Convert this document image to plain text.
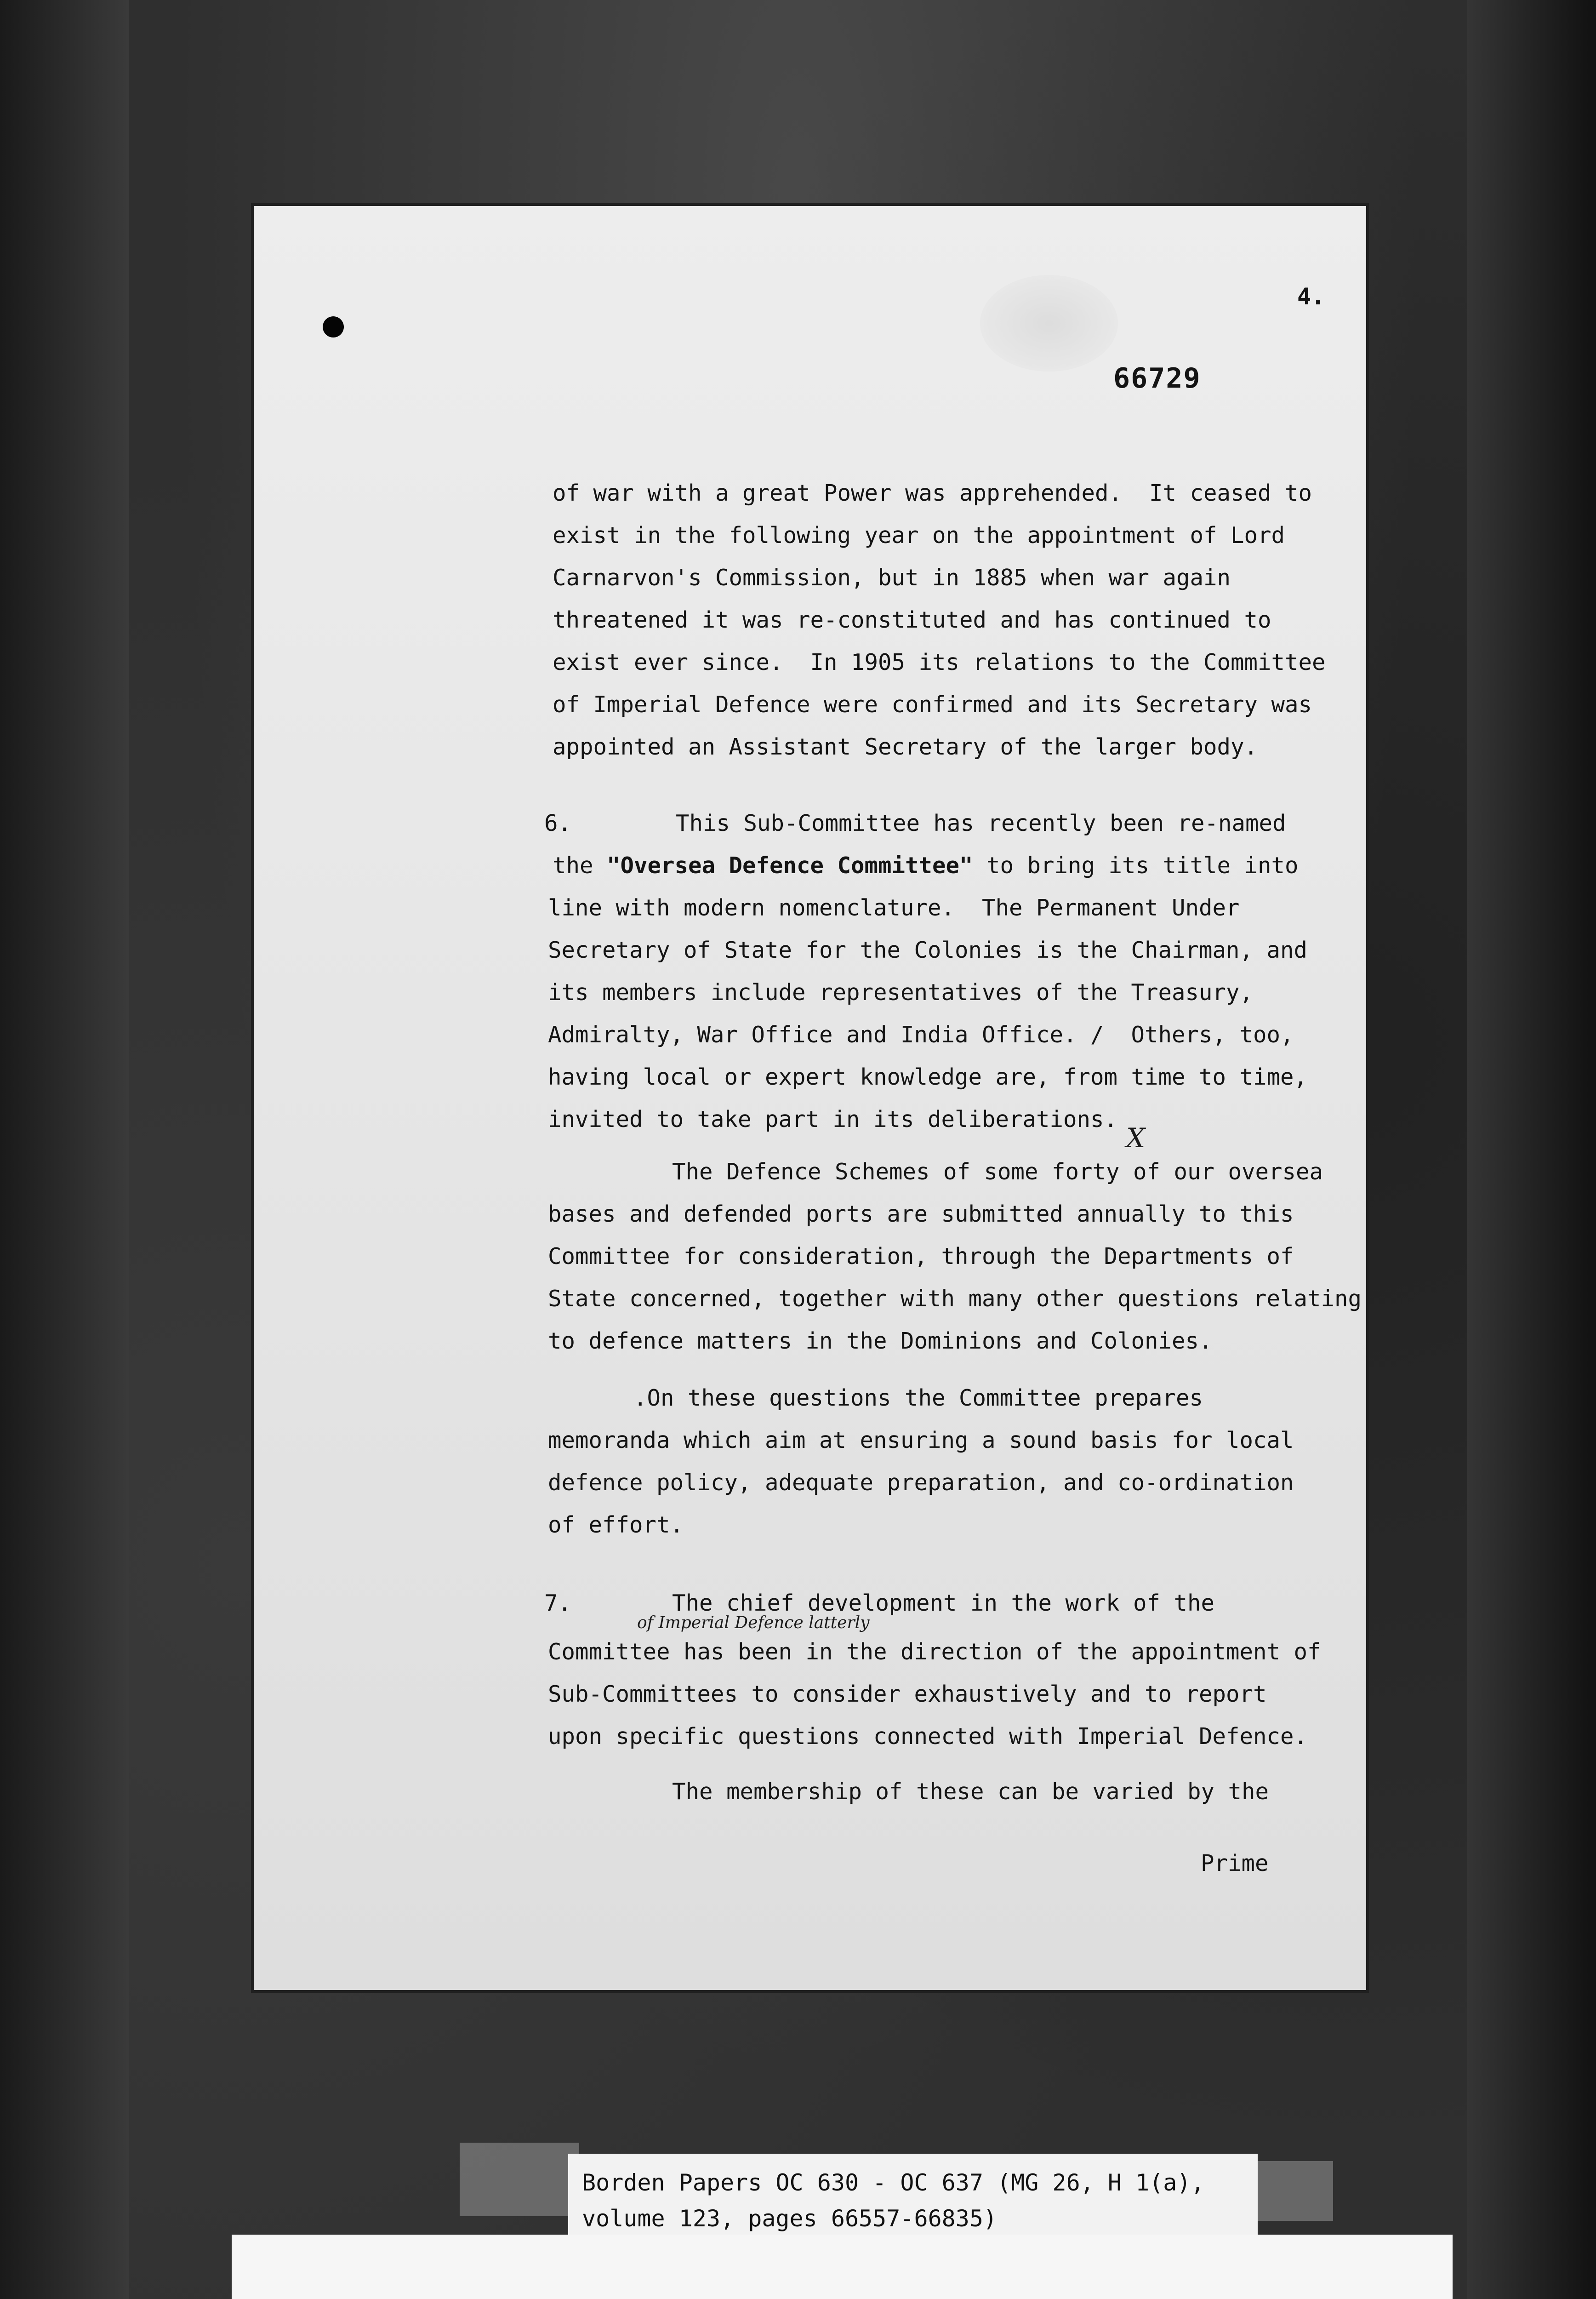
4.
66729
of war with a great Power was apprehended.  It ceased to
exist in the following year on the appointment of Lord
Carnarvon's Commission, but in 1885 when war again
threatened it was re-constituted and has continued to
exist ever since.  In 1905 its relations to the Committee
of Imperial Defence were confirmed and its Secretary was
appointed an Assistant Secretary of the larger body.
6.	This Sub-Committee has recently been re-named
the "Oversea Defence Committee" to bring its title into
line with modern nomenclature.  The Permanent Under
Secretary of State for the Colonies is the Chairman, and
its members include representatives of the Treasury,
Admiralty, War Office and India Office. /  Others, too,
having local or expert knowledge are, from time to time,
invited to take part in its deliberations.
X
The Defence Schemes of some forty of our oversea
bases and defended ports are submitted annually to this
Committee for consideration, through the Departments of
State concerned, together with many other questions relating
to defence matters in the Dominions and Colonies.
.On these questions the Committee prepares
memoranda which aim at ensuring a sound basis for local
defence policy, adequate preparation, and co-ordination
of effort.
7.	The chief development in the work of the
of Imperial Defence latterly
Committee has been in the direction of the appointment of
Sub-Committees to consider exhaustively and to report
upon specific questions connected with Imperial Defence.
The membership of these can be varied by the
Prime
Borden Papers OC 630 - OC 637 (MG 26, H 1(a),
volume 123, pages 66557-66835)
